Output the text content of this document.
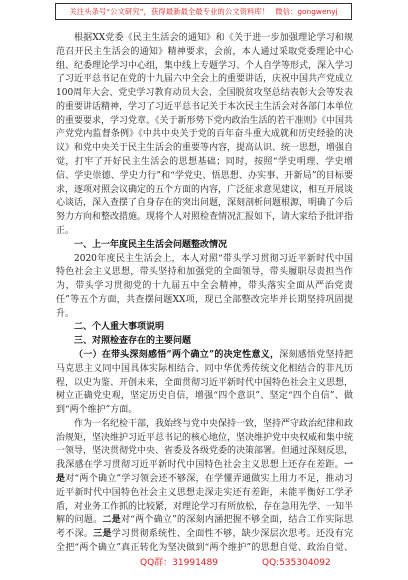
关注头条号“公文研究”，获得最新最全最专业的公文资料库！ 微信：gongwenyj

根据XX党委《民主生活会的通知》和《关于进一步加强理论学习和规范召开民主生活会的通知》精神要求，会前，本人通过采取党委理论中心组、纪委理论学习中心组，集中线上专题学习、个人自学等形式，深入学习了习近平总书记在党的十九届六中全会上的重要讲话，庆祝中国共产党成立100周年大会、党史学习教育动员大会、全国脱贫攻坚总结表彰大会等发表的重要讲话精神，学习了习近平总书记关于本次民主生活会对各部门本单位的重要要求，学习党章、《关于新形势下党内政治生活的若干准则》《中国共产党党内监督条例》《中共中央关于党的百年奋斗重大成就和历史经验的决议》和党中央关于民主生活会的重要等内容，提高认识、统一思想，增强自觉，打牢了开好民主生活会的思想基础；同时，按照“学史明理、学史增信、学史崇德、学史力行”和“学党史、悟思想、办实事、开新局”的目标要求，逐项对照会议确定的五个方面的内容，广泛征求意见建议，相互开展谈心谈话，深入查摆了自身存在的突出问题，深刻剖析问题根源，明确了今后努力方向和整改措施。现将个人对照检查情况汇报如下，请大家给予批评指正。

一、上一年度民主生活会问题整改情况

2020年度民主生活会上，本人对照“带头学习贯彻习近平新时代中国特色社会主义思想，带头坚持和加强党的全面领导，带头履职尽责担当作为，带头学习贯彻党的十九届五中全会精神，带头落实全面从严治党责任”等五个方面，共查摆问题XX项，现已全部整改完毕并长期坚持巩固提升。

二、个人重大事项说明

三、对照检查存在的主要问题

（一）在带头深刻感悟“两个确立”的决定性意义，深刻感悟党坚持把马克思主义同中国具体实际相结合、同中华优秀传统文化相结合的非凡历程，以史为鉴、开创未来，全面贯彻习近平新时代中国特色社会主义思想，树立正确党史观，坚定历史自信，增强“四个意识”、坚定“四个自信”、做到“两个维护”方面。

作为一名纪检干部，我始终与党中央保持一致，坚持严守政治纪律和政治规矩，坚决维护习近平总书记的核心地位，坚决维护党中央权威和集中统一领导，坚决贯彻党中央、省委及各级党委的决策部署。但通过深刻反思，我深感在学习贯彻习近平新时代中国特色社会主义思想上还存在差距。一是对“两个确立”学习领会还不够深，在学懂弄通做实上用力不足，推动习近平新时代中国特色社会主义思想走深走实还有差距，未能平衡好工学矛盾，对业务工作抓的比较紧，对理论学习有所放松，存在急用先学、一知半解的问题。二是对“两个确立”的深刻内涵把握不够全面，结合工作实际思考不深。三是学习贯彻系统性、全面性不够，缺少深层次思考。还没有完全把“两个确立”真正转化为坚决做到“两个维护”的思想自觉、政治自觉、

QQ群：31991489	QQ:535304092
